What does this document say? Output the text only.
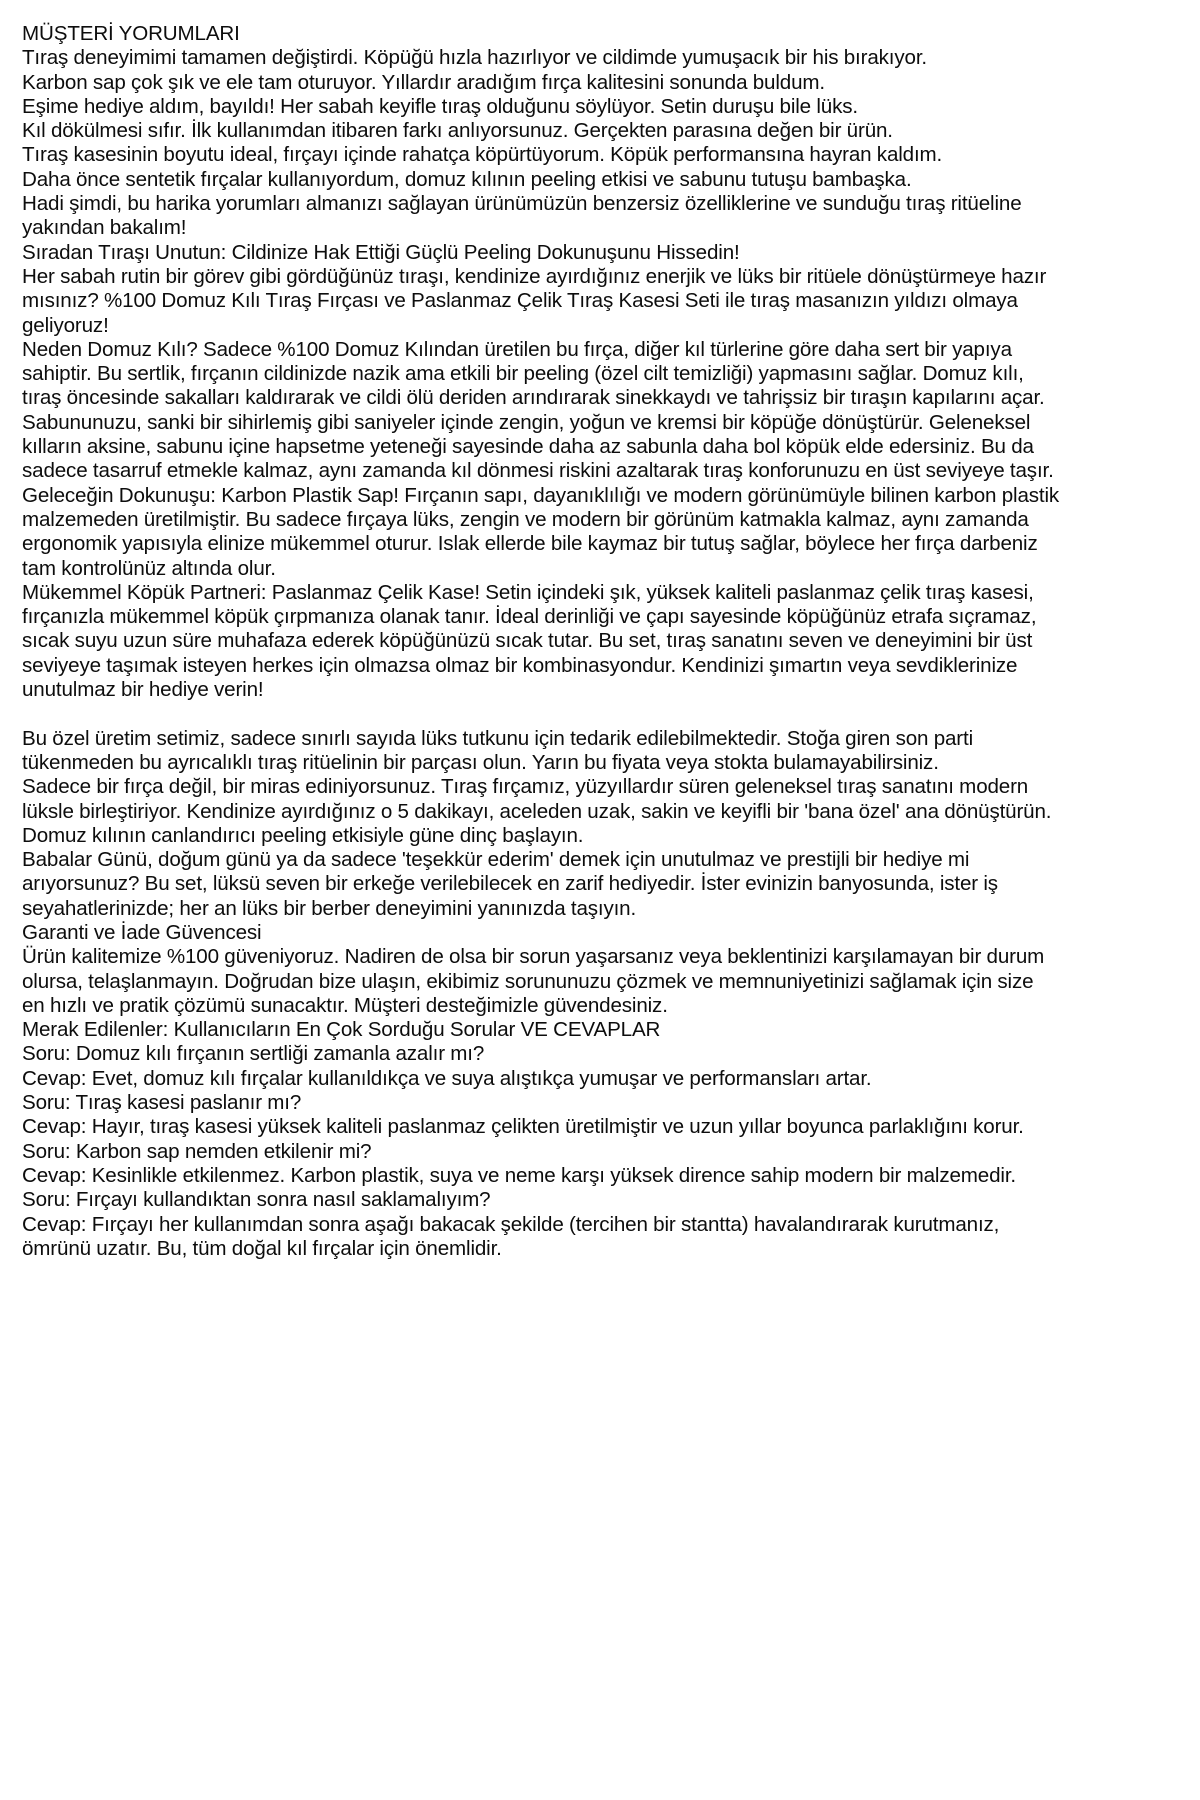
MÜŞTERİ YORUMLARI
Tıraş deneyimimi tamamen değiştirdi. Köpüğü hızla hazırlıyor ve cildimde yumuşacık bir his bırakıyor.
Karbon sap çok şık ve ele tam oturuyor. Yıllardır aradığım fırça kalitesini sonunda buldum.
Eşime hediye aldım, bayıldı! Her sabah keyifle tıraş olduğunu söylüyor. Setin duruşu bile lüks.
Kıl dökülmesi sıfır. İlk kullanımdan itibaren farkı anlıyorsunuz. Gerçekten parasına değen bir ürün.
Tıraş kasesinin boyutu ideal, fırçayı içinde rahatça köpürtüyorum. Köpük performansına hayran kaldım.
Daha önce sentetik fırçalar kullanıyordum, domuz kılının peeling etkisi ve sabunu tutuşu bambaşka.
Hadi şimdi, bu harika yorumları almanızı sağlayan ürünümüzün benzersiz özelliklerine ve sunduğu tıraş ritüeline yakından bakalım!
Sıradan Tıraşı Unutun: Cildinize Hak Ettiği Güçlü Peeling Dokunuşunu Hissedin!
Her sabah rutin bir görev gibi gördüğünüz tıraşı, kendinize ayırdığınız enerjik ve lüks bir ritüele dönüştürmeye hazır mısınız? %100 Domuz Kılı Tıraş Fırçası ve Paslanmaz Çelik Tıraş Kasesi Seti ile tıraş masanızın yıldızı olmaya geliyoruz!
Neden Domuz Kılı? Sadece %100 Domuz Kılından üretilen bu fırça, diğer kıl türlerine göre daha sert bir yapıya sahiptir. Bu sertlik, fırçanın cildinizde nazik ama etkili bir peeling (özel cilt temizliği) yapmasını sağlar. Domuz kılı, tıraş öncesinde sakalları kaldırarak ve cildi ölü deriden arındırarak sinekkaydı ve tahrişsiz bir tıraşın kapılarını açar. Sabununuzu, sanki bir sihirlemiş gibi saniyeler içinde zengin, yoğun ve kremsi bir köpüğe dönüştürür. Geleneksel kılların aksine, sabunu içine hapsetme yeteneği sayesinde daha az sabunla daha bol köpük elde edersiniz. Bu da sadece tasarruf etmekle kalmaz, aynı zamanda kıl dönmesi riskini azaltarak tıraş konforunuzu en üst seviyeye taşır.
Geleceğin Dokunuşu: Karbon Plastik Sap! Fırçanın sapı, dayanıklılığı ve modern görünümüyle bilinen karbon plastik malzemeden üretilmiştir. Bu sadece fırçaya lüks, zengin ve modern bir görünüm katmakla kalmaz, aynı zamanda ergonomik yapısıyla elinize mükemmel oturur. Islak ellerde bile kaymaz bir tutuş sağlar, böylece her fırça darbeniz tam kontrolünüz altında olur.
Mükemmel Köpük Partneri: Paslanmaz Çelik Kase! Setin içindeki şık, yüksek kaliteli paslanmaz çelik tıraş kasesi, fırçanızla mükemmel köpük çırpmanıza olanak tanır. İdeal derinliği ve çapı sayesinde köpüğünüz etrafa sıçramaz, sıcak suyu uzun süre muhafaza ederek köpüğünüzü sıcak tutar. Bu set, tıraş sanatını seven ve deneyimini bir üst seviyeye taşımak isteyen herkes için olmazsa olmaz bir kombinasyondur. Kendinizi şımartın veya sevdiklerinize unutulmaz bir hediye verin!
Bu özel üretim setimiz, sadece sınırlı sayıda lüks tutkunu için tedarik edilebilmektedir. Stoğa giren son parti tükenmeden bu ayrıcalıklı tıraş ritüelinin bir parçası olun. Yarın bu fiyata veya stokta bulamayabilirsiniz.
Sadece bir fırça değil, bir miras ediniyorsunuz. Tıraş fırçamız, yüzyıllardır süren geleneksel tıraş sanatını modern lüksle birleştiriyor. Kendinize ayırdığınız o 5 dakikayı, aceleden uzak, sakin ve keyifli bir 'bana özel' ana dönüştürün. Domuz kılının canlandırıcı peeling etkisiyle güne dinç başlayın.
Babalar Günü, doğum günü ya da sadece 'teşekkür ederim' demek için unutulmaz ve prestijli bir hediye mi arıyorsunuz? Bu set, lüksü seven bir erkeğe verilebilecek en zarif hediyedir. İster evinizin banyosunda, ister iş seyahatlerinizde; her an lüks bir berber deneyimini yanınızda taşıyın.
Garanti ve İade Güvencesi
Ürün kalitemize %100 güveniyoruz. Nadiren de olsa bir sorun yaşarsanız veya beklentinizi karşılamayan bir durum olursa, telaşlanmayın. Doğrudan bize ulaşın, ekibimiz sorununuzu çözmek ve memnuniyetinizi sağlamak için size en hızlı ve pratik çözümü sunacaktır. Müşteri desteğimizle güvendesiniz.
Merak Edilenler: Kullanıcıların En Çok Sorduğu Sorular VE CEVAPLAR
Soru: Domuz kılı fırçanın sertliği zamanla azalır mı?
Cevap: Evet, domuz kılı fırçalar kullanıldıkça ve suya alıştıkça yumuşar ve performansları artar.
Soru: Tıraş kasesi paslanır mı?
Cevap: Hayır, tıraş kasesi yüksek kaliteli paslanmaz çelikten üretilmiştir ve uzun yıllar boyunca parlaklığını korur.
Soru: Karbon sap nemden etkilenir mi?
Cevap: Kesinlikle etkilenmez. Karbon plastik, suya ve neme karşı yüksek dirence sahip modern bir malzemedir.
Soru: Fırçayı kullandıktan sonra nasıl saklamalıyım?
Cevap: Fırçayı her kullanımdan sonra aşağı bakacak şekilde (tercihen bir stantta) havalandırarak kurutmanız, ömrünü uzatır. Bu, tüm doğal kıl fırçalar için önemlidir.
